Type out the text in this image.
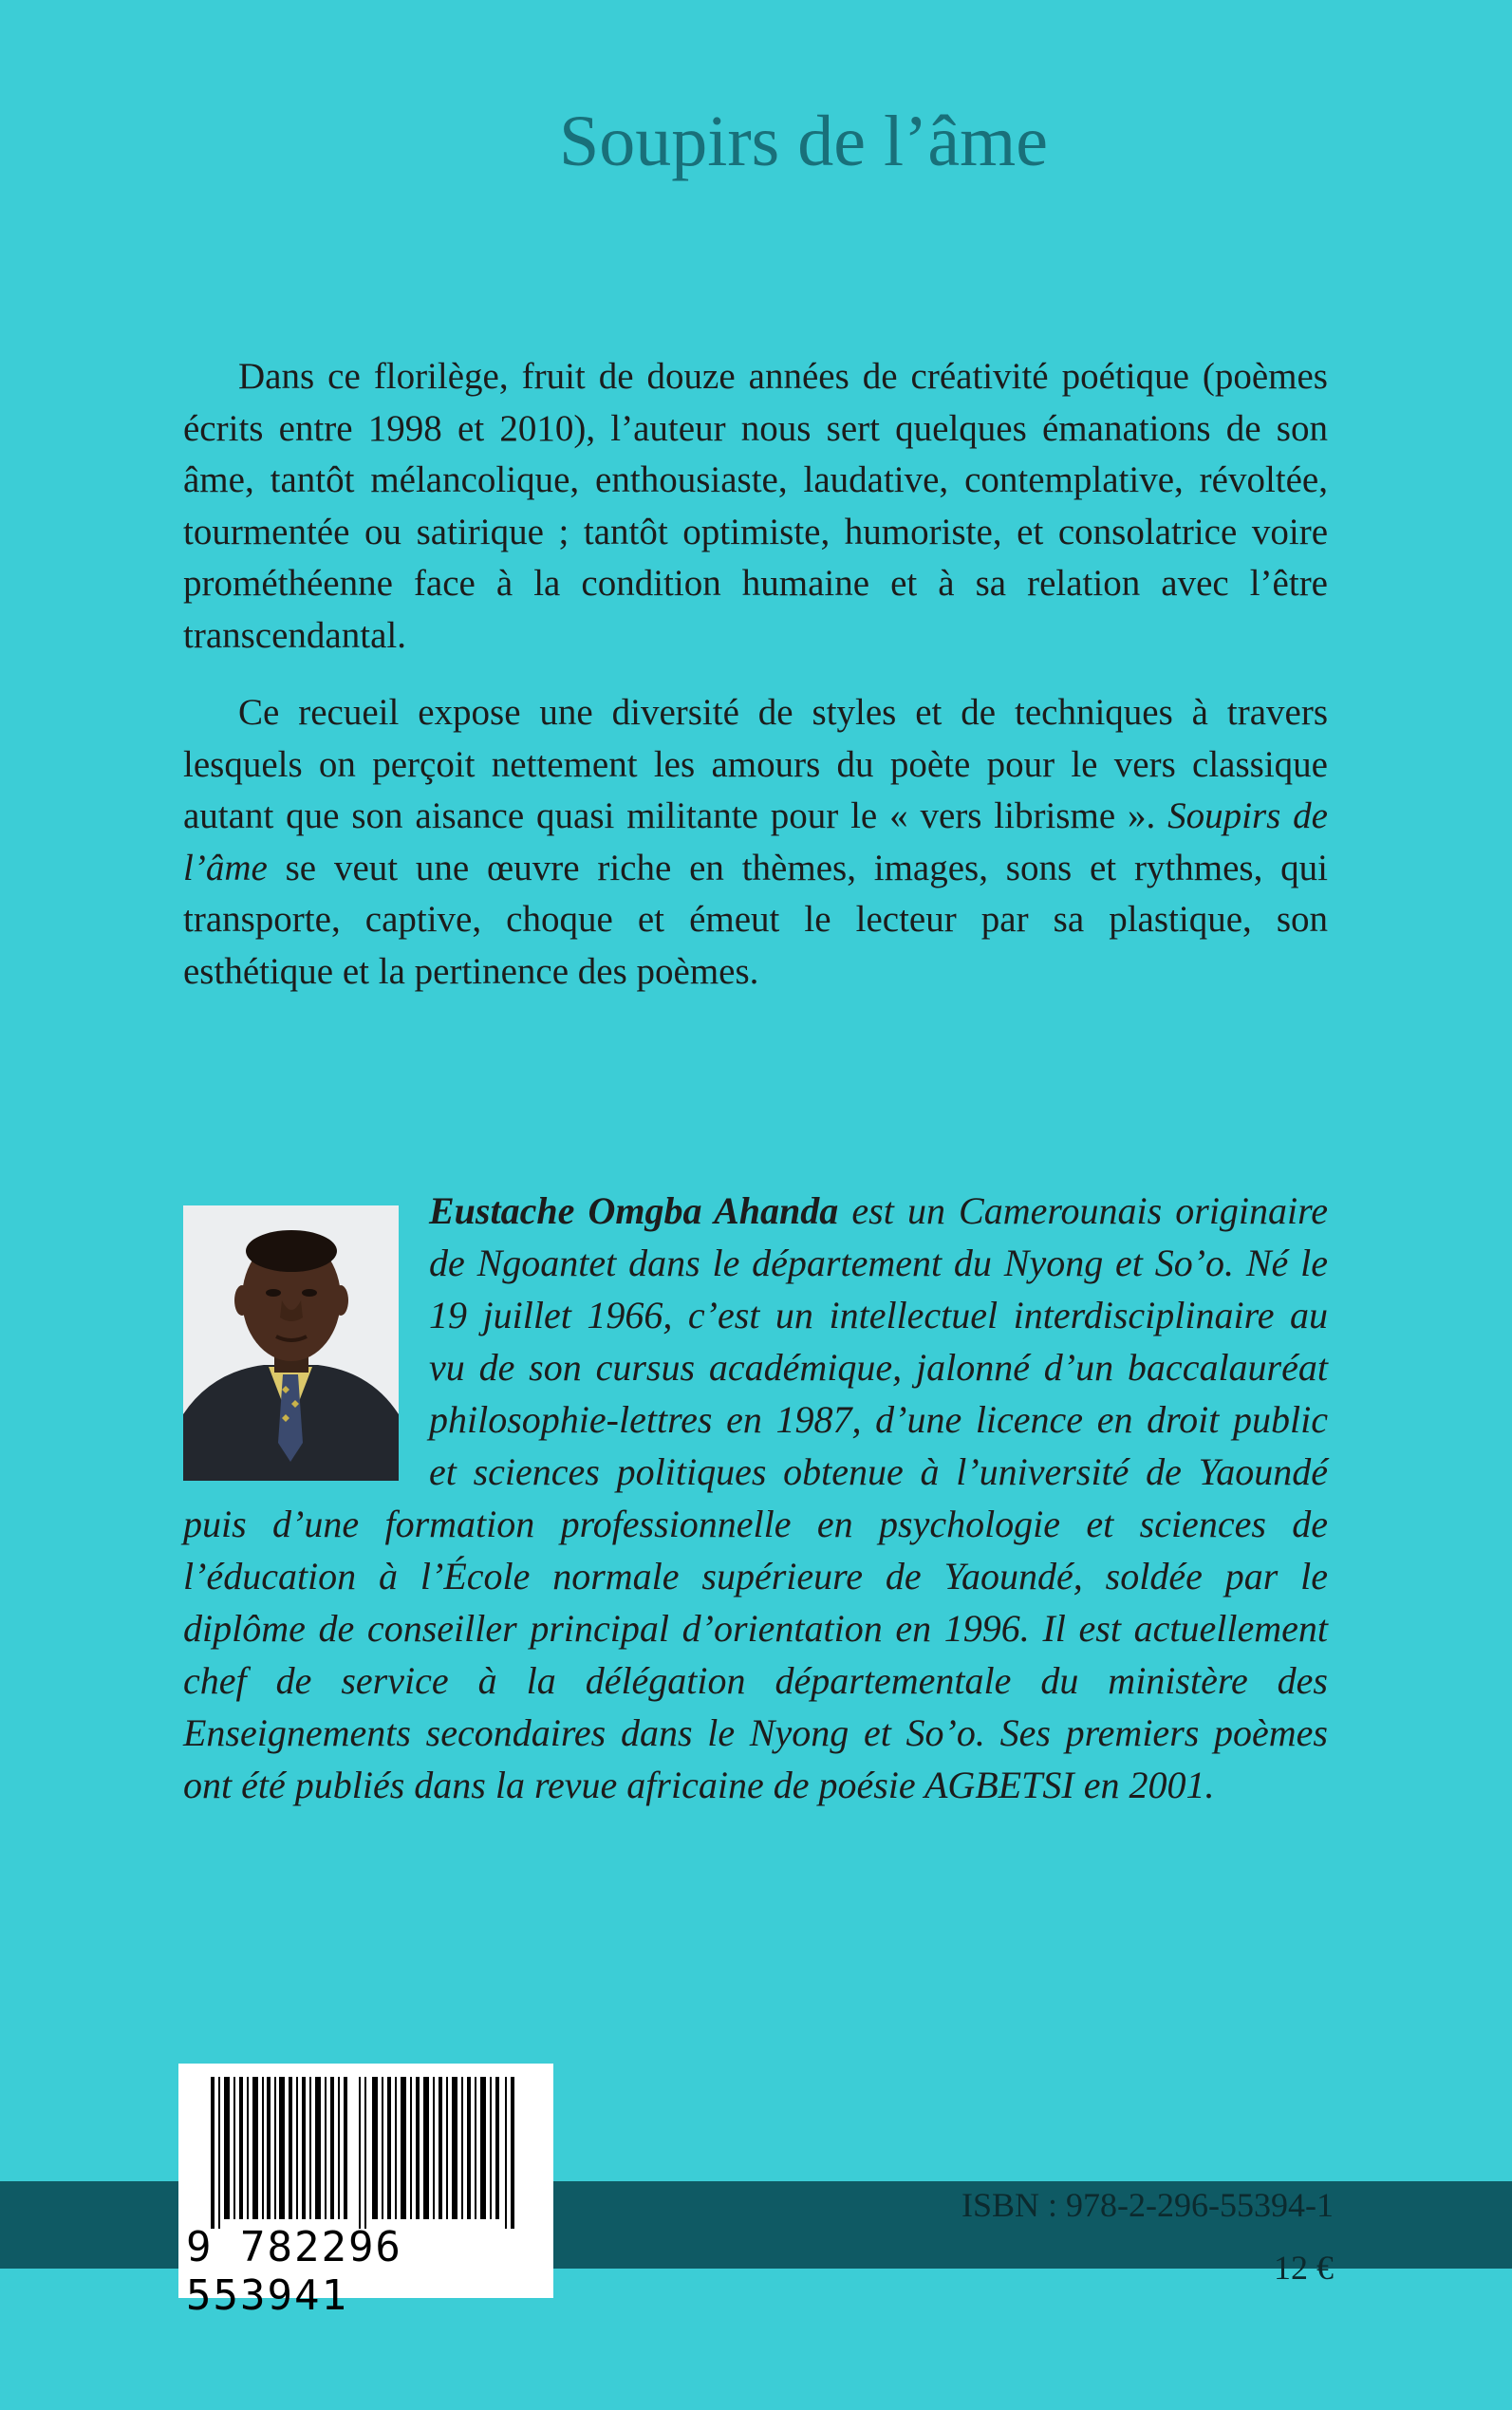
Soupirs de l’âme

Dans ce florilège, fruit de douze années de créativité poétique (poèmes écrits entre 1998 et 2010), l’auteur nous sert quelques émanations de son âme, tantôt mélancolique, enthousiaste, laudative, contemplative, révoltée, tourmentée ou satirique ; tantôt optimiste, humoriste, et consolatrice voire prométhéenne face à la condition humaine et à sa relation avec l’être transcendantal.

Ce recueil expose une diversité de styles et de techniques à travers lesquels on perçoit nettement les amours du poète pour le vers classique autant que son aisance quasi militante pour le « vers librisme ». Soupirs de l’âme se veut une œuvre riche en thèmes, images, sons et rythmes, qui transporte, captive, choque et émeut le lecteur par sa plastique, son esthétique et la pertinence des poèmes.

Eustache Omgba Ahanda est un Camerounais originaire de Ngoantet dans le département du Nyong et So’o. Né le 19 juillet 1966, c’est un intellectuel interdisciplinaire au vu de son cursus académique, jalonné d’un baccalauréat philosophie-lettres en 1987, d’une licence en droit public et sciences politiques obtenue à l’université de Yaoundé puis d’une formation professionnelle en psychologie et sciences de l’éducation à l’École normale supérieure de Yaoundé, soldée par le diplôme de conseiller principal d’orientation en 1996. Il est actuellement chef de service à la délégation départementale du ministère des Enseignements secondaires dans le Nyong et So’o. Ses premiers poèmes ont été publiés dans la revue africaine de poésie AGBETSI en 2001.

9 782296 553941

ISBN : 978-2-296-55394-1

12 €
